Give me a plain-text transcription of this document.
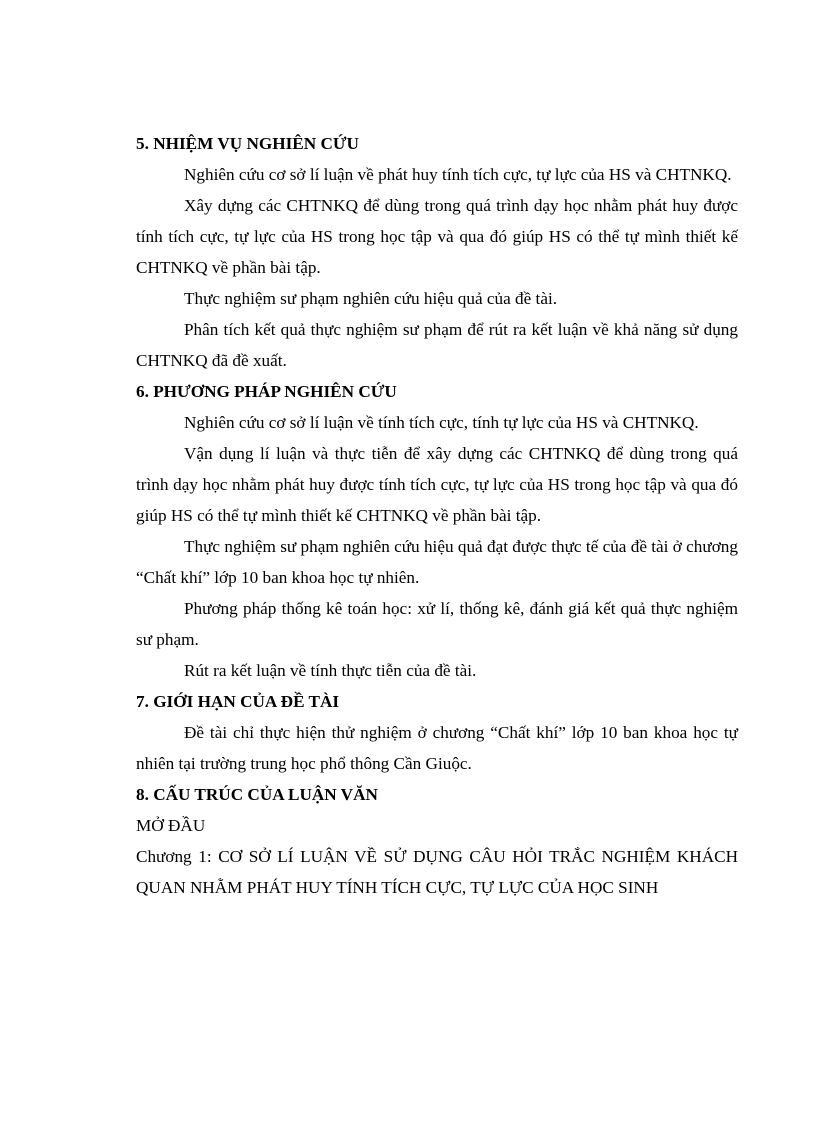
5. NHIỆM VỤ NGHIÊN CỨU

Nghiên cứu cơ sở lí luận về phát huy tính tích cực, tự lực của HS và CHTNKQ.

Xây dựng các CHTNKQ để dùng trong quá trình dạy học nhằm phát huy được tính tích cực, tự lực của HS trong học tập và qua đó giúp HS có thể tự mình thiết kế CHTNKQ về phần bài tập.

Thực nghiệm sư phạm nghiên cứu hiệu quả của đề tài.

Phân tích kết quả thực nghiệm sư phạm để rút ra kết luận về khả năng sử dụng CHTNKQ đã đề xuất.

6. PHƯƠNG PHÁP NGHIÊN CỨU

Nghiên cứu cơ sở lí luận về tính tích cực, tính tự lực của HS và CHTNKQ.

Vận dụng lí luận và thực tiễn để xây dựng các CHTNKQ để dùng trong quá trình dạy học nhằm phát huy được tính tích cực, tự lực của HS trong học tập và qua đó giúp HS có thể tự mình thiết kế CHTNKQ về phần bài tập.

Thực nghiệm sư phạm nghiên cứu hiệu quả đạt được thực tế của đề tài ở chương “Chất khí” lớp 10 ban khoa học tự nhiên.

Phương pháp thống kê toán học: xử lí, thống kê, đánh giá kết quả thực nghiệm sư phạm.

Rút ra kết luận về tính thực tiễn của đề tài.

7. GIỚI HẠN CỦA ĐỀ TÀI

Đề tài chỉ thực hiện thử nghiệm ở chương “Chất khí” lớp 10 ban khoa học tự nhiên tại trường trung học phổ thông Cần Giuộc.

8. CẤU TRÚC CỦA LUẬN VĂN

MỞ ĐẦU

Chương 1: CƠ SỞ LÍ LUẬN VỀ SỬ DỤNG CÂU HỎI TRẮC NGHIỆM KHÁCH QUAN NHẰM PHÁT HUY TÍNH TÍCH CỰC, TỰ LỰC CỦA HỌC SINH
